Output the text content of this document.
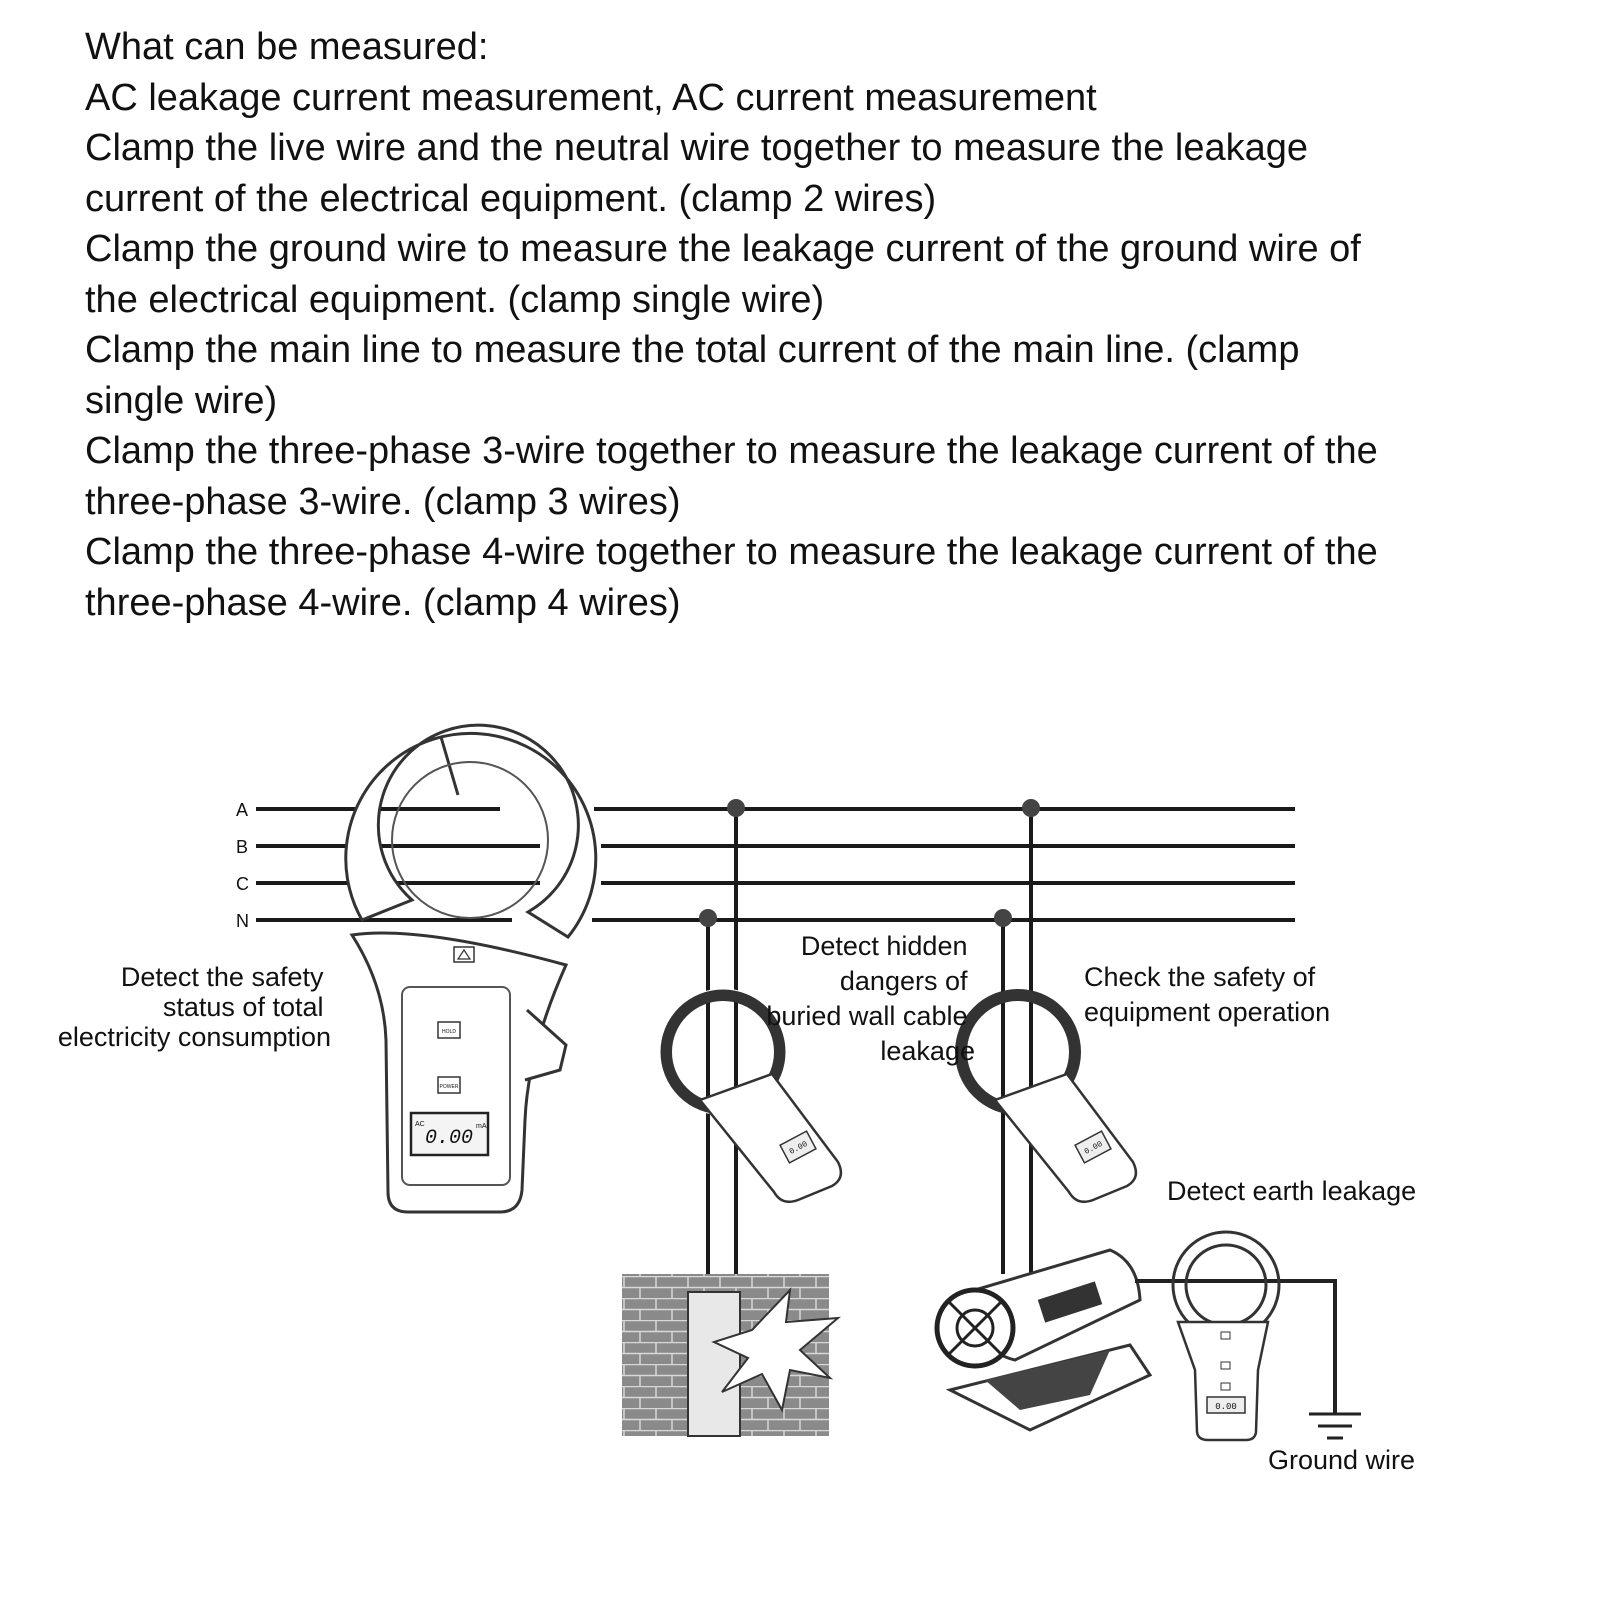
What can be measured:
AC leakage current measurement, AC current measurement
Clamp the live wire and the neutral wire together to measure the leakage
current of the electrical equipment. (clamp 2 wires)
Clamp the ground wire to measure the leakage current of the ground wire of
the electrical equipment. (clamp single wire)
Clamp the main line to measure the total current of the main line. (clamp
single wire)
Clamp the three-phase 3-wire together to measure the leakage current of the
three-phase 3-wire. (clamp 3 wires)
Clamp the three-phase 4-wire together to measure the leakage current of the
three-phase 4-wire. (clamp 4 wires)
A
B
C
N
HOLD
POWER
AC
0.00
mA
0.00	0.00
0.00
Detect the safety status of total electricity consumption
Detect hidden dangers of buried wall cable leakage
Check the safety of equipment operation
Detect earth leakage
Ground wire
